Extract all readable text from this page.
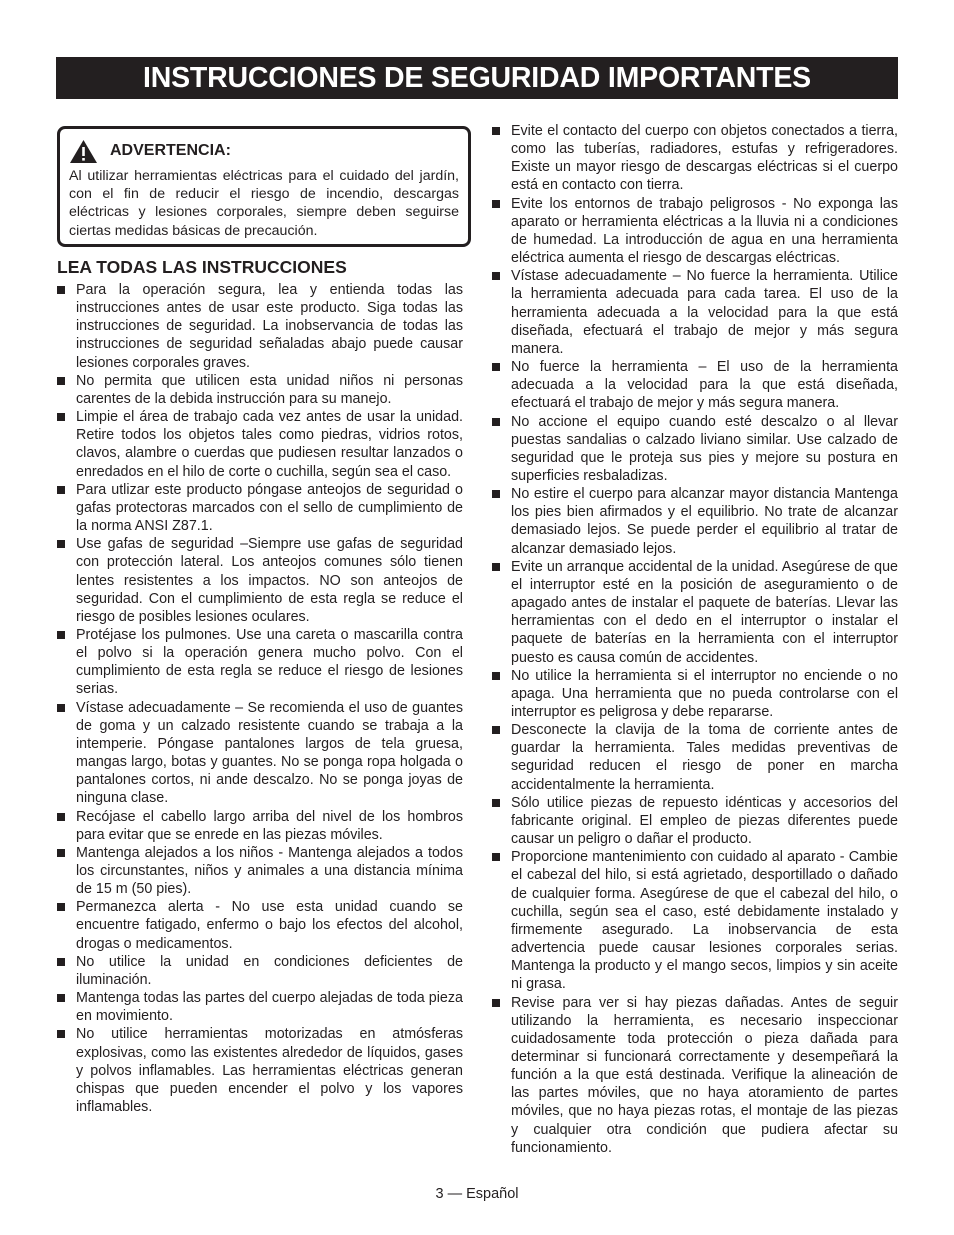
INSTRUCCIONES DE SEGURIDAD IMPORTANTES
ADVERTENCIA:
Al utilizar herramientas eléctricas para el cuidado del jardín, con el fin de reducir el riesgo de incendio, descargas eléctricas y lesiones corporales, siempre deben seguirse ciertas medidas básicas de precaución.
LEA TODAS LAS INSTRUCCIONES
Para la operación segura, lea y entienda todas las instrucciones antes de usar este producto. Siga todas las instrucciones de seguridad. La inobservancia de todas las instrucciones de seguridad señaladas abajo puede causar lesiones corporales graves.
No permita que utilicen esta unidad niños ni personas carentes de la debida instrucción para su manejo.
Limpie el área de trabajo cada vez antes de usar la unidad. Retire todos los objetos tales como piedras, vidrios rotos, clavos, alambre o cuerdas que pudiesen resultar lanzados o enredados en el hilo de corte o cuchilla, según sea el caso.
Para utlizar este producto póngase anteojos de seguridad o gafas protectoras marcados con el sello de cumplimiento de la norma ANSI Z87.1.
Use gafas de seguridad –Siempre use gafas de seguridad con protección lateral. Los anteojos comunes sólo tienen lentes resistentes a los impactos. NO son anteojos de seguridad. Con el cumplimiento de esta regla se reduce el riesgo de posibles lesiones oculares.
Protéjase los pulmones. Use una careta o mascarilla contra el polvo si la operación genera mucho polvo. Con el cumplimiento de esta regla se reduce el riesgo de lesiones serias.
Vístase adecuadamente – Se recomienda el uso de guantes de goma y un calzado resistente cuando se trabaja a la intemperie. Póngase pantalones largos de tela gruesa, mangas largo, botas y guantes. No se ponga ropa holgada o pantalones cortos, ni ande descalzo. No se ponga joyas de ninguna clase.
Recójase el cabello largo arriba del nivel de los hombros para evitar que se enrede en las piezas móviles.
Mantenga alejados a los niños - Mantenga alejados a todos los circunstantes, niños y animales a una distancia mínima de 15 m (50 pies).
Permanezca alerta - No use esta unidad cuando se encuentre fatigado, enfermo o bajo los efectos del alcohol, drogas o medicamentos.
No utilice la unidad en condiciones deficientes de iluminación.
Mantenga todas las partes del cuerpo alejadas de toda pieza en movimiento.
No utilice herramientas motorizadas en atmósferas explosivas, como las existentes alrededor de líquidos, gases y polvos inflamables. Las herramientas eléctricas generan chispas que pueden encender el polvo y los vapores inflamables.
Evite el contacto del cuerpo con objetos conectados a tierra, como las tuberías, radiadores, estufas y refrigeradores. Existe un mayor riesgo de descargas eléctricas si el cuerpo está en contacto con tierra.
Evite los entornos de trabajo peligrosos - No exponga las aparato or herramienta eléctricas a la lluvia ni a condiciones de humedad. La introducción de agua en una herramienta eléctrica aumenta el riesgo de descargas eléctricas.
Vístase adecuadamente – No fuerce la herramienta. Utilice la herramienta adecuada para cada tarea. El uso de la herramienta adecuada a la velocidad para la que está diseñada, efectuará el trabajo de mejor y más segura manera.
No fuerce la herramienta – El uso de la herramienta adecuada a la velocidad para la que está diseñada, efectuará el trabajo de mejor y más segura manera.
No accione el equipo cuando esté descalzo o al llevar puestas sandalias o calzado liviano similar. Use calzado de seguridad que le proteja sus pies y mejore su postura en superficies resbaladizas.
No estire el cuerpo para alcanzar mayor distancia Mantenga los pies bien afirmados y el equilibrio. No trate de alcanzar demasiado lejos. Se puede perder el equilibrio al tratar de alcanzar demasiado lejos.
Evite un arranque accidental de la unidad. Asegúrese de que el interruptor esté en la posición de aseguramiento o de apagado antes de instalar el paquete de baterías. Llevar las herramientas con el dedo en el interruptor o instalar el paquete de baterías en la herramienta con el interruptor puesto es causa común de accidentes.
No utilice la herramienta si el interruptor no enciende o no apaga. Una herramienta que no pueda controlarse con el interruptor es peligrosa y debe repararse.
Desconecte la clavija de la toma de corriente antes de guardar la herramienta. Tales medidas preventivas de seguridad reducen el riesgo de poner en marcha accidentalmente la herramienta.
Sólo utilice piezas de repuesto idénticas y accesorios del fabricante original. El empleo de piezas diferentes puede causar un peligro o dañar el producto.
Proporcione mantenimiento con cuidado al aparato - Cambie el cabezal del hilo, si está agrietado, desportillado o dañado de cualquier forma. Asegúrese de que el cabezal del hilo, o cuchilla, según sea el caso, esté debidamente instalado y firmemente asegurado. La inobservancia de esta advertencia puede causar lesiones corporales serias. Mantenga la producto y el mango secos, limpios y sin aceite ni grasa.
Revise para ver si hay piezas dañadas. Antes de seguir utilizando la herramienta, es necesario inspeccionar cuidadosamente toda protección o pieza dañada para determinar si funcionará correctamente y desempeñará la función a la que está destinada. Verifique la alineación de las partes móviles, que no haya atoramiento de partes móviles, que no haya piezas rotas, el montaje de las piezas y cualquier otra condición que pudiera afectar su funcionamiento.
3 — Español
